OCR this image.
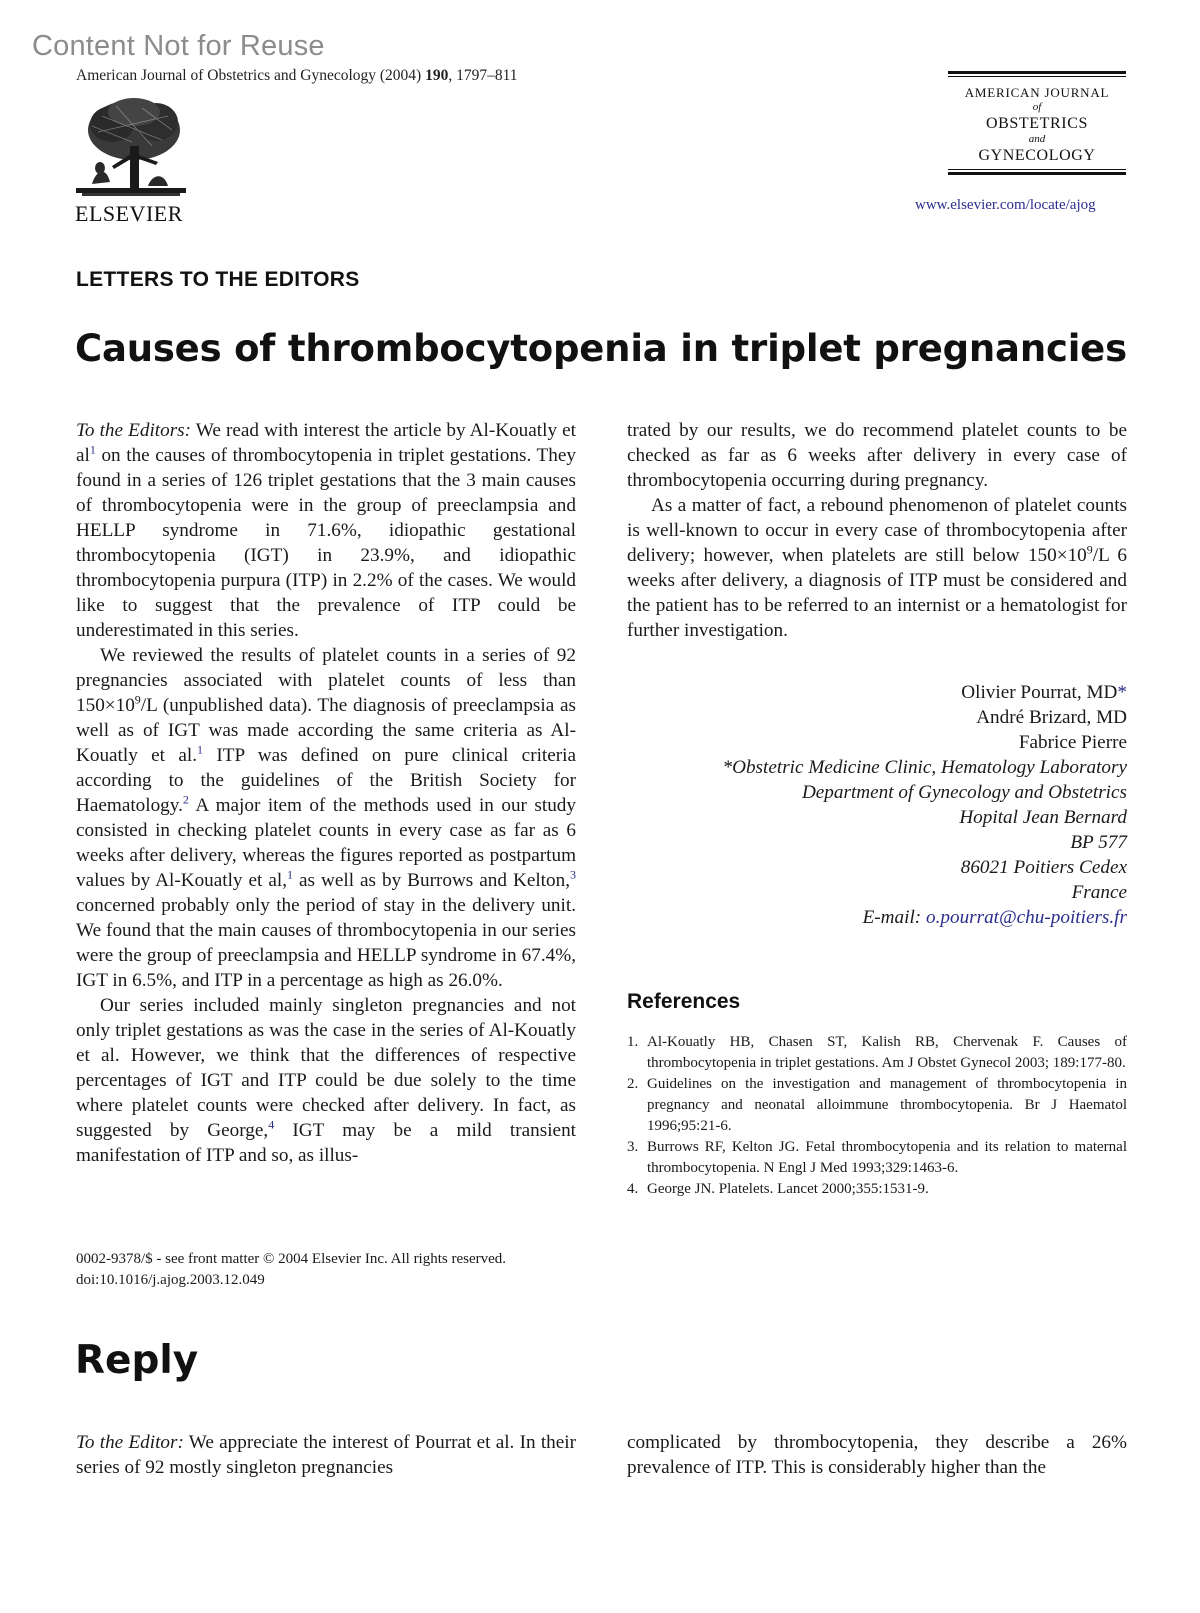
Content Not for Reuse
American Journal of Obstetrics and Gynecology (2004) 190, 1797–811
ELSEVIER
AMERICAN JOURNAL
of
OBSTETRICS
and
GYNECOLOGY
www.elsevier.com/locate/ajog
LETTERS TO THE EDITORS
Causes of thrombocytopenia in triplet pregnancies

To the Editors: We read with interest the article by Al-Kouatly et al$^1$ on the causes of thrombocytopenia in triplet gestations. They found in a series of 126 triplet gestations that the 3 main causes of thrombocytopenia were in the group of preeclampsia and HELLP syndrome in 71.6%, idiopathic gestational thrombocytopenia (IGT) in 23.9%, and idiopathic thrombocytopenia purpura (ITP) in 2.2% of the cases. We would like to suggest that the prevalence of ITP could be underestimated in this series.

We reviewed the results of platelet counts in a series of 92 pregnancies associated with platelet counts of less than $150\times 10^9/L$ (unpublished data). The diagnosis of preeclampsia as well as of IGT was made according the same criteria as Al-Kouatly et al.$^1$ ITP was defined on pure clinical criteria according to the guidelines of the British Society for Haematology.$^2$ A major item of the methods used in our study consisted in checking platelet counts in every case as far as 6 weeks after delivery, whereas the figures reported as postpartum values by Al-Kouatly et al,$^1$ as well as by Burrows and Kelton,$^3$ concerned probably only the period of stay in the delivery unit. We found that the main causes of thrombocytopenia in our series were the group of preeclampsia and HELLP syndrome in 67.4%, IGT in 6.5%, and ITP in a percentage as high as 26.0%.

Our series included mainly singleton pregnancies and not only triplet gestations as was the case in the series of Al-Kouatly et al. However, we think that the differences of respective percentages of IGT and ITP could be due solely to the time where platelet counts were checked after delivery. In fact, as suggested by George,$^4$ IGT may be a mild transient manifestation of ITP and so, as illus-

trated by our results, we do recommend platelet counts to be checked as far as 6 weeks after delivery in every case of thrombocytopenia occurring during pregnancy.

As a matter of fact, a rebound phenomenon of platelet counts is well-known to occur in every case of thrombocytopenia after delivery; however, when platelets are still below $150\times 10^9/L$ 6 weeks after delivery, a diagnosis of ITP must be considered and the patient has to be referred to an internist or a hematologist for further investigation.

Olivier Pourrat, MD*
André Brizard, MD
Fabrice Pierre
*Obstetric Medicine Clinic, Hematology Laboratory
Department of Gynecology and Obstetrics
Hopital Jean Bernard
BP 577
86021 Poitiers Cedex
France
E-mail: o.pourrat@chu-poitiers.fr
References
1. Al-Kouatly HB, Chasen ST, Kalish RB, Chervenak F. Causes of thrombocytopenia in triplet gestations. Am J Obstet Gynecol 2003; 189:177-80.
2. Guidelines on the investigation and management of thrombocytopenia in pregnancy and neonatal alloimmune thrombocytopenia. Br J Haematol 1996;95:21-6.
3. Burrows RF, Kelton JG. Fetal thrombocytopenia and its relation to maternal thrombocytopenia. N Engl J Med 1993;329:1463-6.
4. George JN. Platelets. Lancet 2000;355:1531-9.
0002-9378/$ - see front matter © 2004 Elsevier Inc. All rights reserved.
doi:10.1016/j.ajog.2003.12.049
Reply

To the Editor: We appreciate the interest of Pourrat et al. In their series of 92 mostly singleton pregnancies

complicated by thrombocytopenia, they describe a 26% prevalence of ITP. This is considerably higher than the
